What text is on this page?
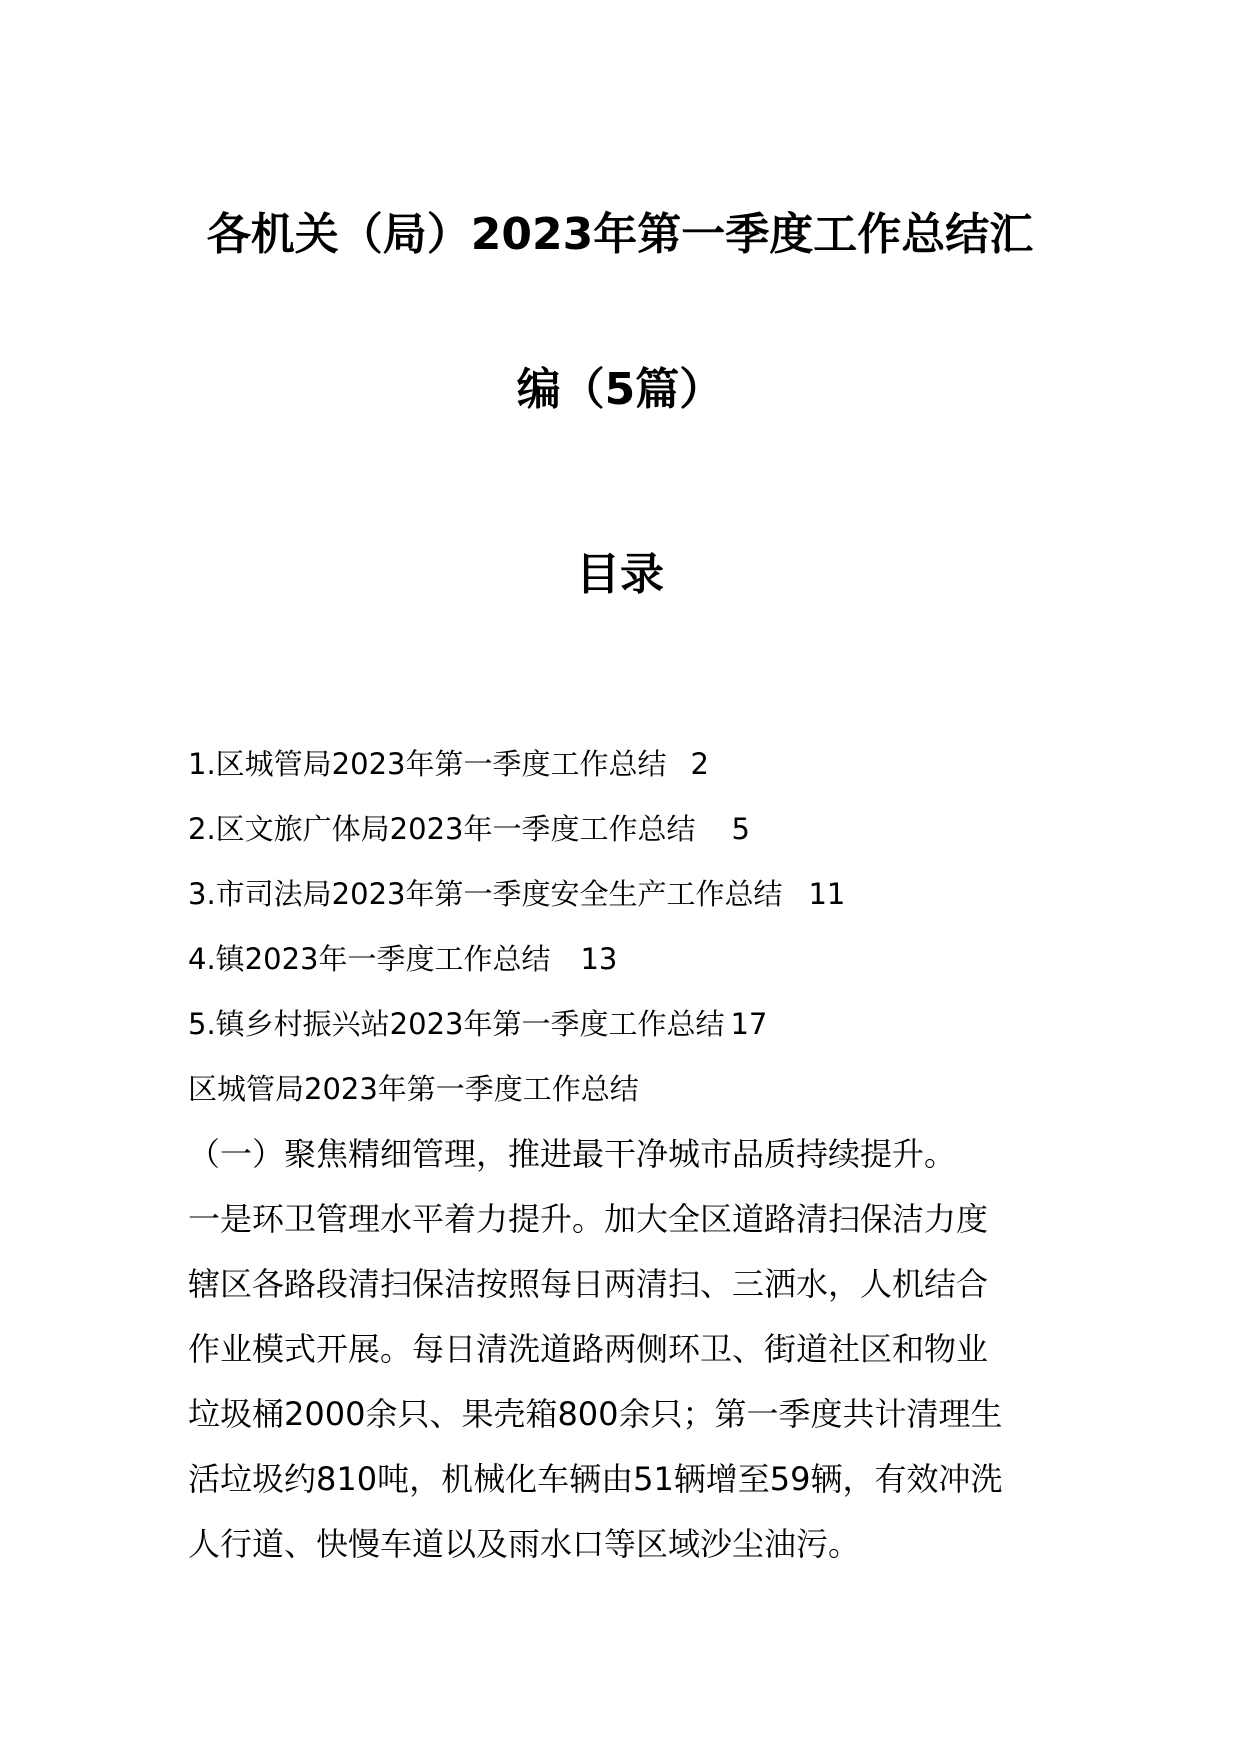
各机关（局）2023年第一季度工作总结汇
编（5篇）
目录
1.区城管局2023年第一季度工作总结 2
2.区文旅广体局2023年一季度工作总结 5
3.市司法局2023年第一季度安全生产工作总结 11
4.镇2023年一季度工作总结 13
5.镇乡村振兴站2023年第一季度工作总结 17
区城管局2023年第一季度工作总结
（一）聚焦精细管理，推进最干净城市品质持续提升。
一是环卫管理水平着力提升。加大全区道路清扫保洁力度
辖区各路段清扫保洁按照每日两清扫、三洒水，人机结合
作业模式开展。每日清洗道路两侧环卫、街道社区和物业
垃圾桶2000余只、果壳箱800余只；第一季度共计清理生
活垃圾约810吨，机械化车辆由51辆增至59辆，有效冲洗
人行道、快慢车道以及雨水口等区域沙尘油污。
